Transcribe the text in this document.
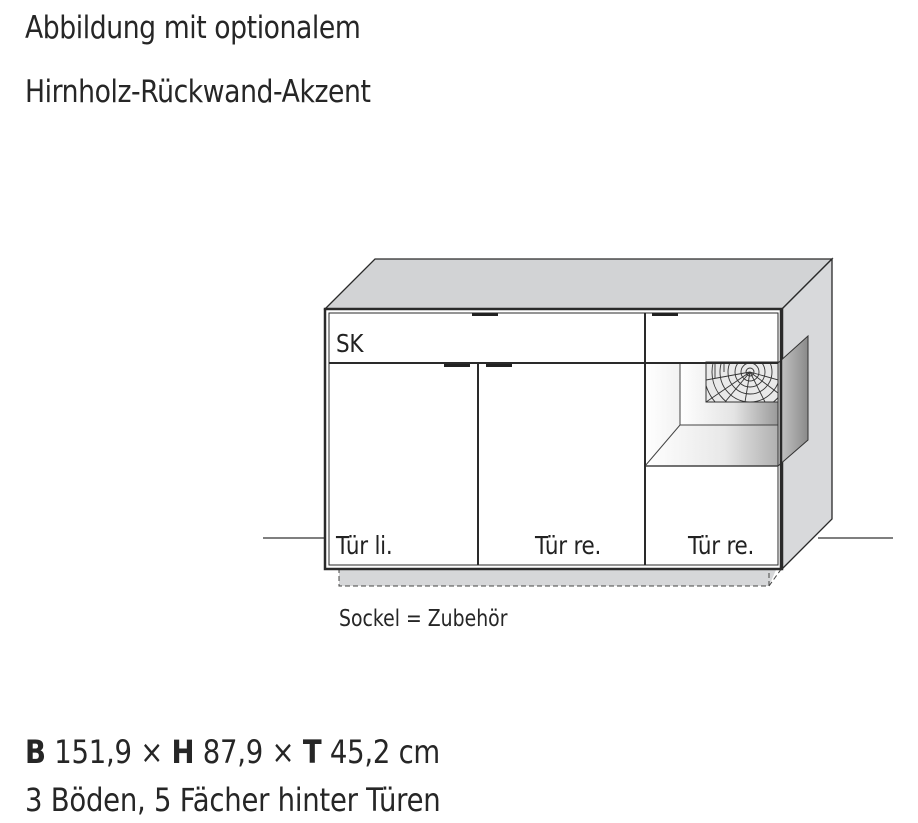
Abbildung mit optionalem
Hirnholz-Rückwand-Akzent
SK
Tür li.	Tür re.	Tür re.
Sockel = Zubehör
B 151,9 × H 87,9 × T 45,2 cm
3 Böden, 5 Fächer hinter Türen
